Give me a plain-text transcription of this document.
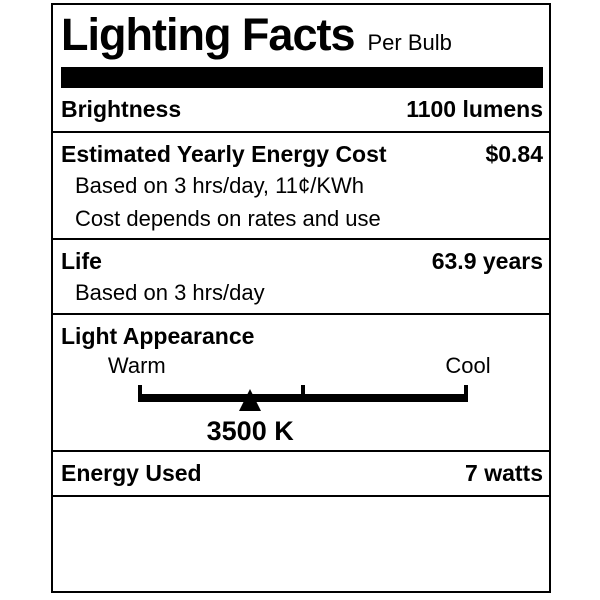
Lighting Facts Per Bulb
Brightness	1100 lumens
Estimated Yearly Energy Cost	$0.84
Based on 3 hrs/day, 11¢/KWh
Cost depends on rates and use
Life	63.9 years
Based on 3 hrs/day
Light Appearance
Warm	Cool
3500 K
Energy Used	7 watts
